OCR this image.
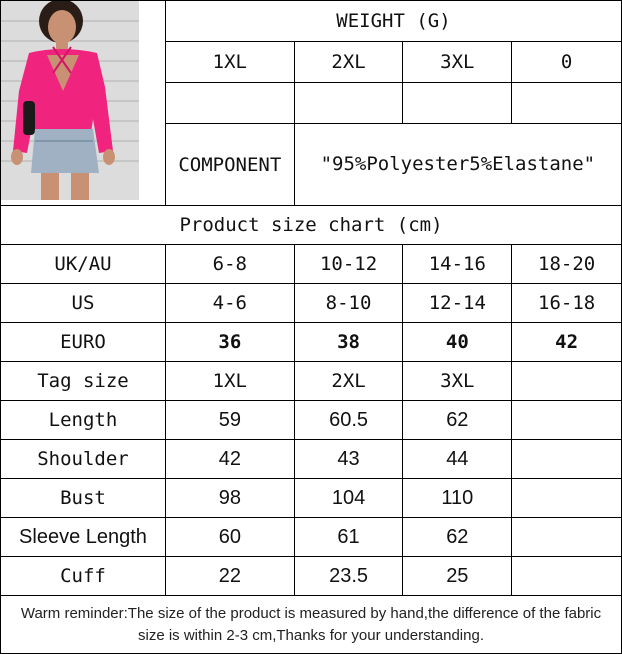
	WEIGHT (G)			
	1XL	2XL	3XL	0

	COMPONENT	"95%Polyester5%Elastane"		
Product size chart (cm)				
UK/AU	6-8	10-12	14-16	18-20
US	4-6	8-10	12-14	16-18
EURO	36	38	40	42
Tag size	1XL	2XL	3XL	
Length	59	60.5	62	
Shoulder	42	43	44	
Bust	98	104	110	
Sleeve Length	60	61	62	
Cuff	22	23.5	25	
Warm reminder:The size of the product is measured by hand,the difference of the fabric size is within 2-3 cm,Thanks for your understanding.				
